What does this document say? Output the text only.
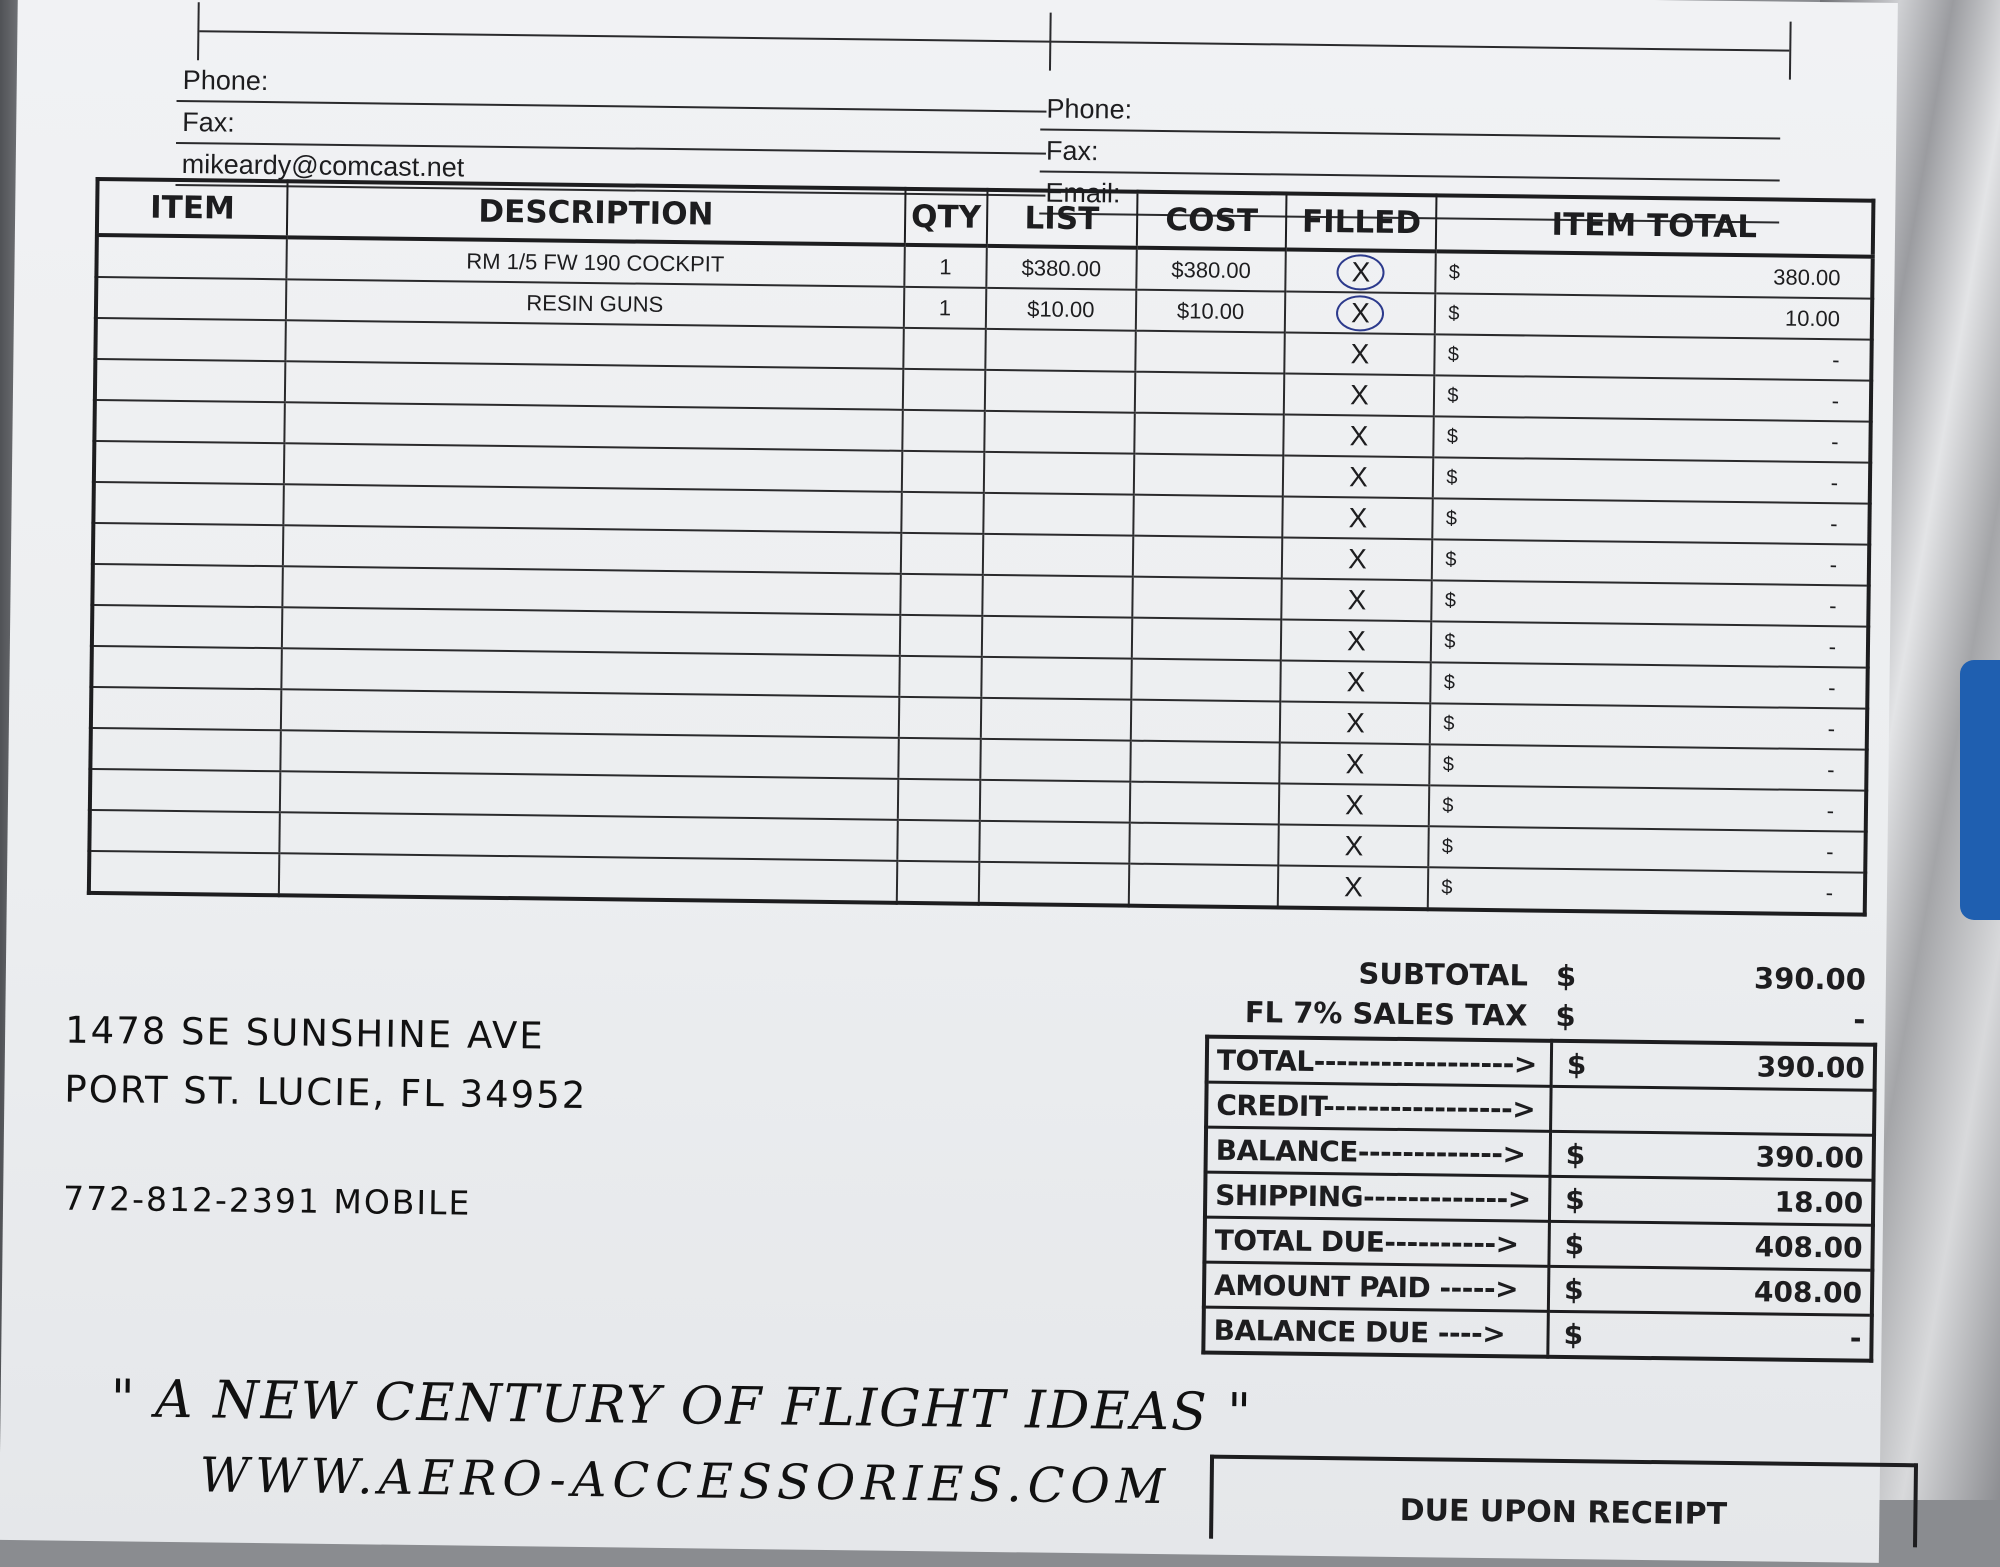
Phone:
Fax:
mikeardy@comcast.net
Phone:
Fax:
Email:
ITEM	DESCRIPTION	QTY	LIST	COST	FILLED	ITEM TOTAL
	RM 1/5 FW 190 COCKPIT	1	$380.00	$380.00	X	$ 380.00
	RESIN GUNS	1	$10.00	$10.00	X	$ 10.00
					X	$ -
					X	$ -
					X	$ -
					X	$ -
					X	$ -
					X	$ -
					X	$ -
					X	$ -
					X	$ -
					X	$ -
					X	$ -
					X	$ -
					X	$ -
					X	$ -
SUBTOTAL $	390.00
FL 7% SALES TAX $	-
TOTAL------------------>	$ 390.00
CREDIT----------------->	

BALANCE------------->	$ 390.00
SHIPPING------------->	$ 18.00
TOTAL DUE---------->	$ 408.00
AMOUNT PAID ----->	$ 408.00
BALANCE DUE ---->	$ -
1478 SE SUNSHINE AVE
PORT ST. LUCIE, FL 34952
772-812-2391 MOBILE
" A NEW CENTURY OF FLIGHT IDEAS "
WWW.AERO-ACCESSORIES.COM	DUE UPON RECEIPT
